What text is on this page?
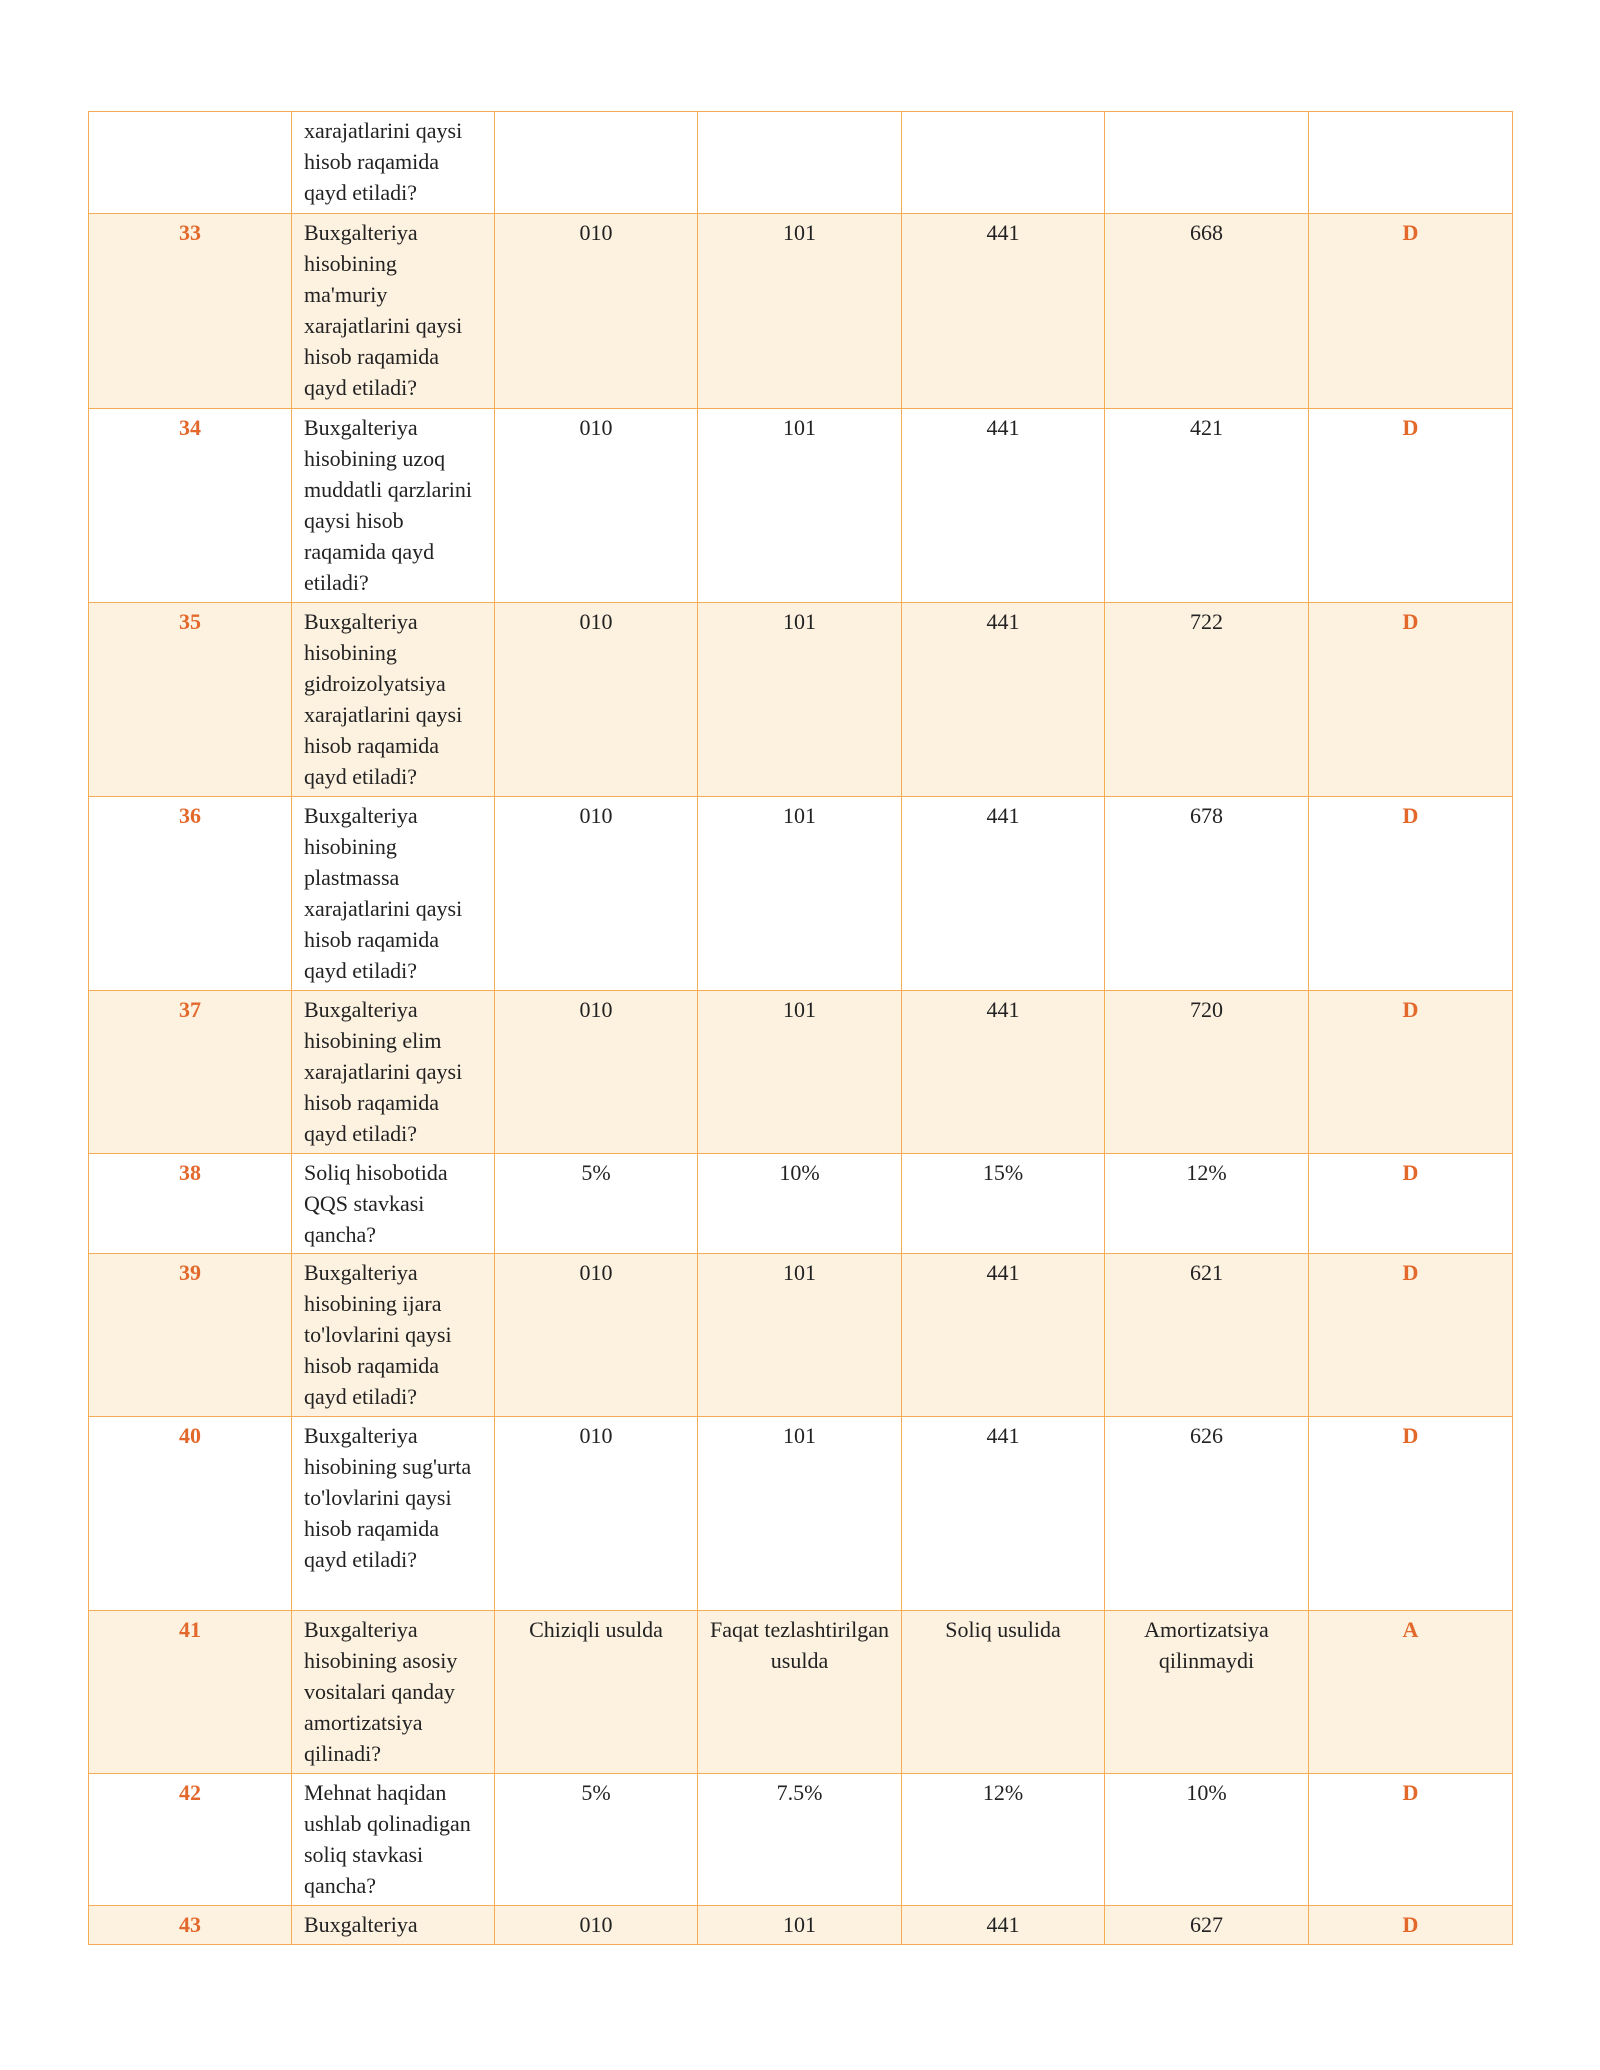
	xarajatlarini qaysi hisob raqamida qayd etiladi?					
33	Buxgalteriya hisobining ma'muriy xarajatlarini qaysi hisob raqamida qayd etiladi?	010	101	441	668	D
34	Buxgalteriya hisobining uzoq muddatli qarzlarini qaysi hisob raqamida qayd etiladi?	010	101	441	421	D
35	Buxgalteriya hisobining gidroizolyatsiya xarajatlarini qaysi hisob raqamida qayd etiladi?	010	101	441	722	D
36	Buxgalteriya hisobining plastmassa xarajatlarini qaysi hisob raqamida qayd etiladi?	010	101	441	678	D
37	Buxgalteriya hisobining elim xarajatlarini qaysi hisob raqamida qayd etiladi?	010	101	441	720	D
38	Soliq hisobotida QQS stavkasi qancha?	5%	10%	15%	12%	D
39	Buxgalteriya hisobining ijara to'lovlarini qaysi hisob raqamida qayd etiladi?	010	101	441	621	D
40	Buxgalteriya hisobining sug'urta to'lovlarini qaysi hisob raqamida qayd etiladi?	010	101	441	626	D
41	Buxgalteriya hisobining asosiy vositalari qanday amortizatsiya qilinadi?	Chiziqli usulda	Faqat tezlashtirilgan usulda	Soliq usulida	Amortizatsiya qilinmaydi	A
42	Mehnat haqidan ushlab qolinadigan soliq stavkasi qancha?	5%	7.5%	12%	10%	D
43	Buxgalteriya	010	101	441	627	D
